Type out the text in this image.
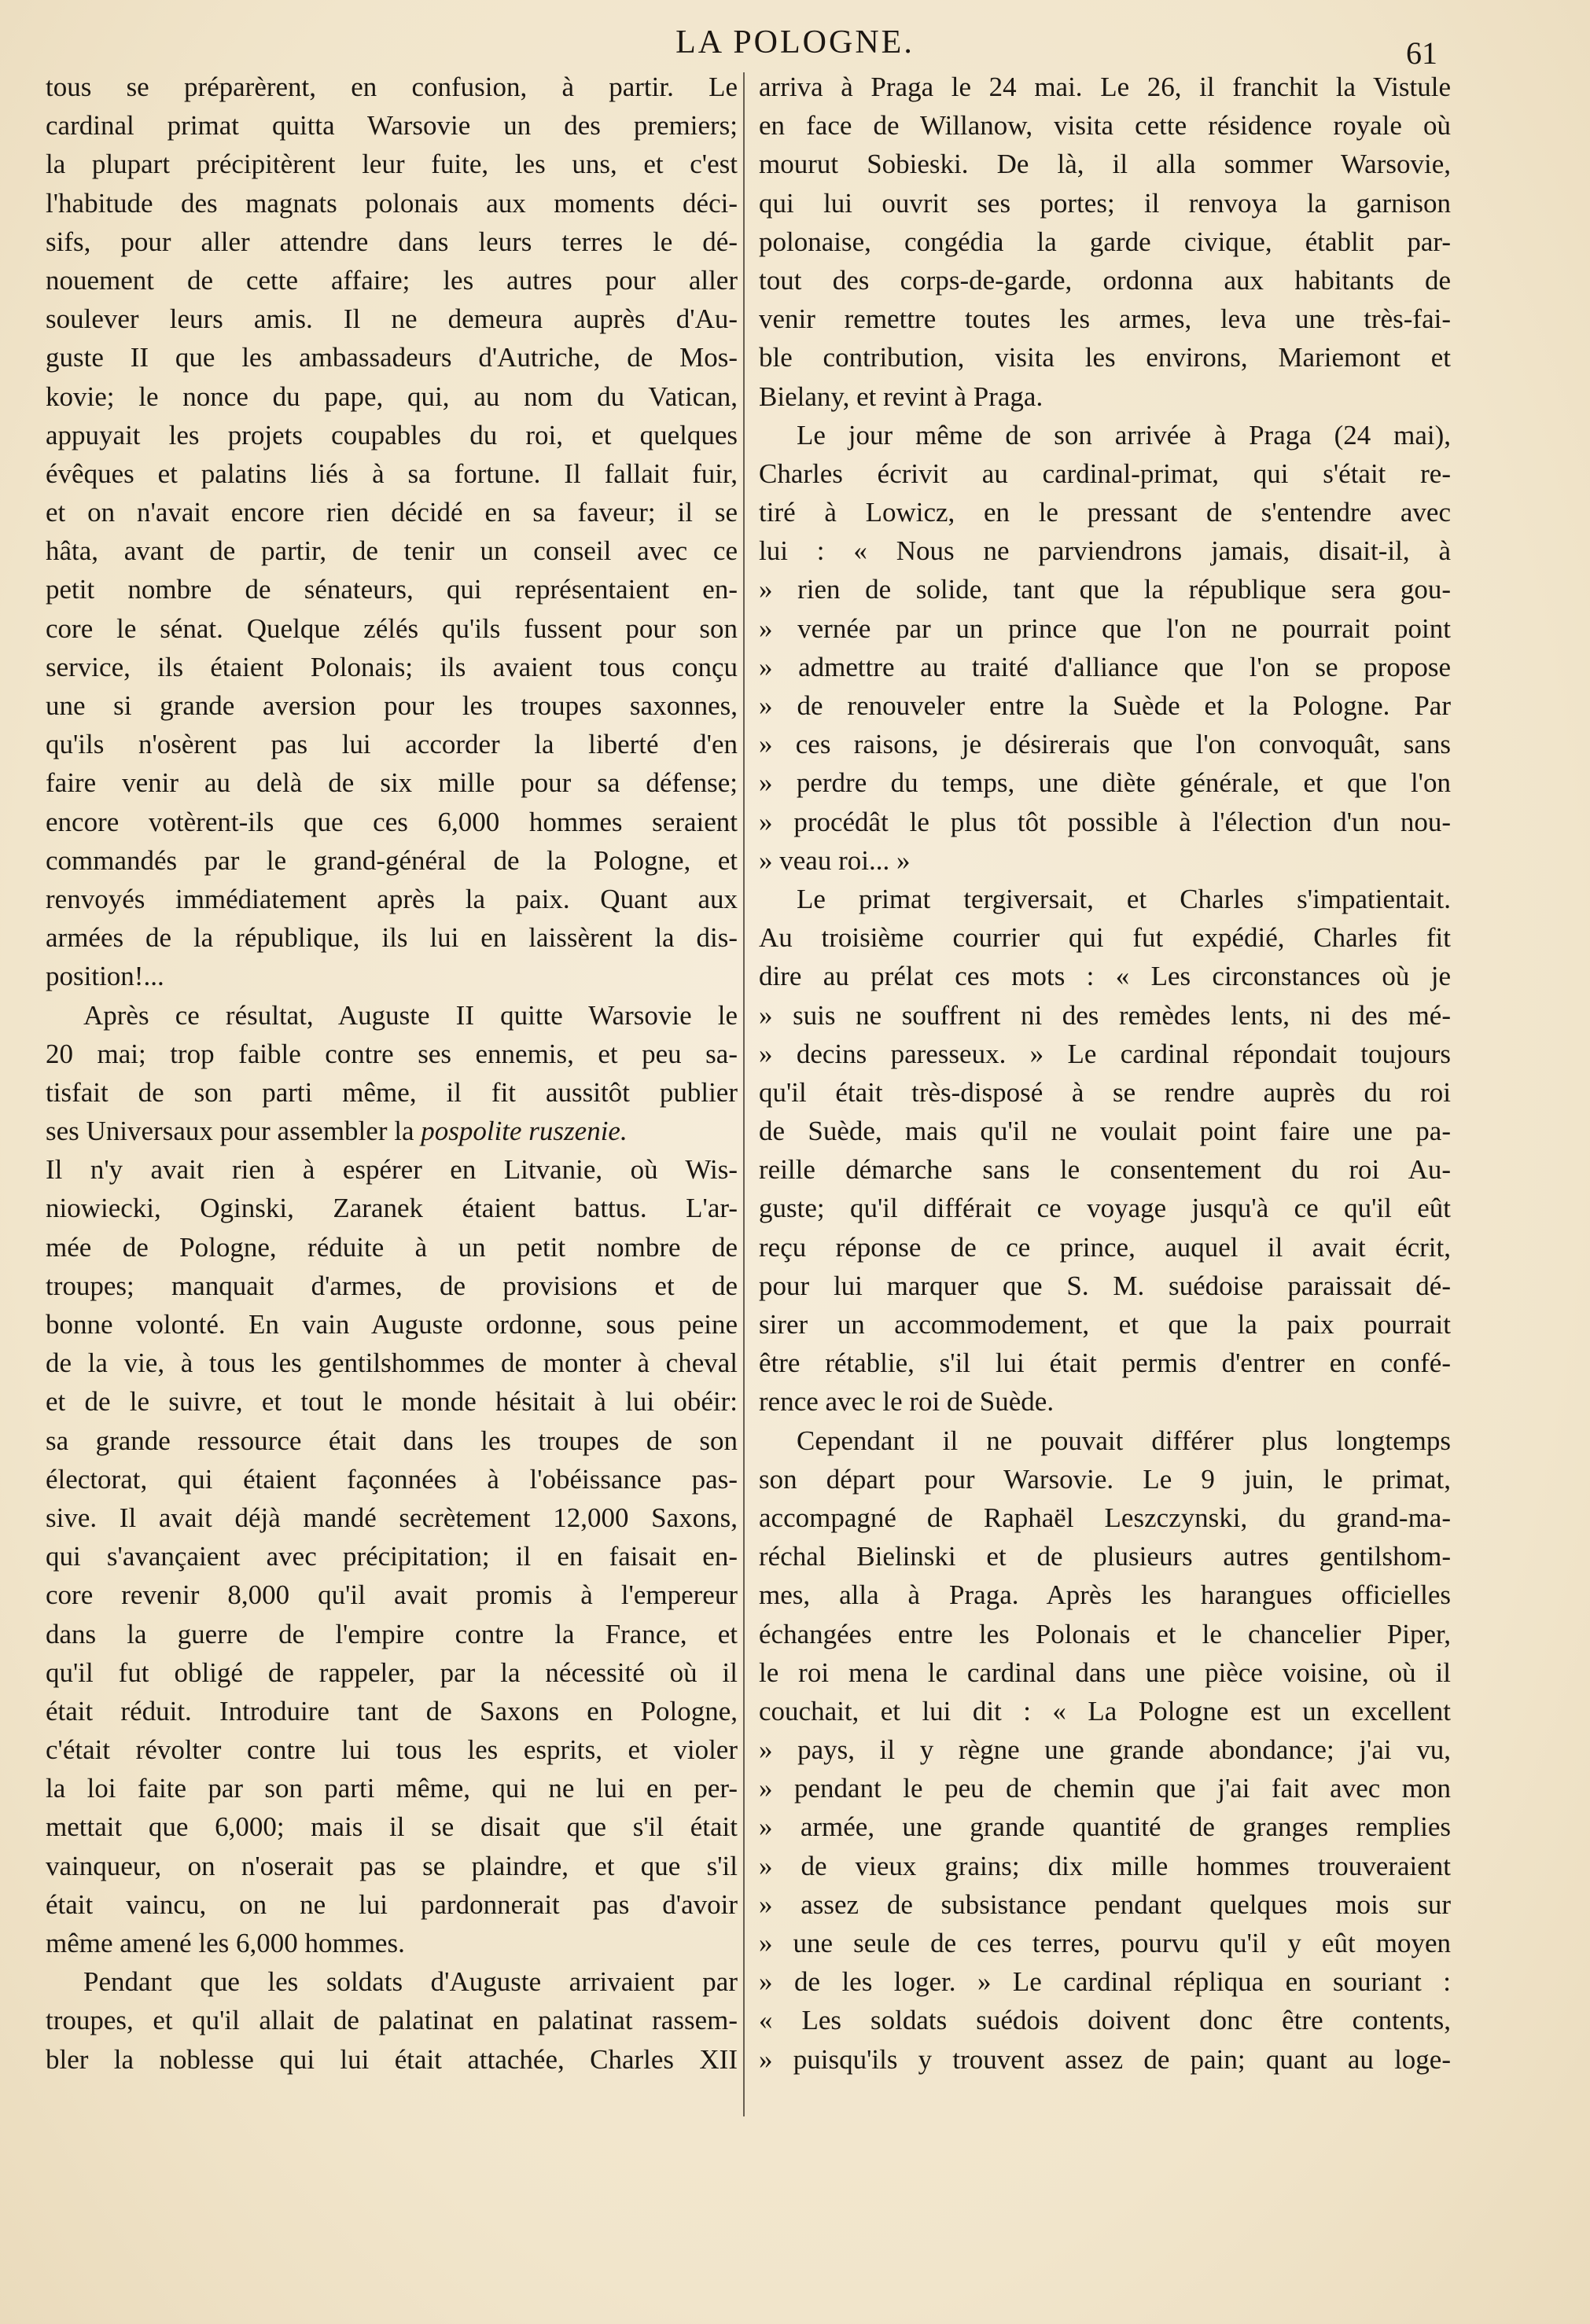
LA POLOGNE.	61
tous se préparèrent, en confusion, à partir. Le
cardinal primat quitta Warsovie un des premiers;
la plupart précipitèrent leur fuite, les uns, et c'est
l'habitude des magnats polonais aux moments déci-
sifs, pour aller attendre dans leurs terres le dé-
nouement de cette affaire; les autres pour aller
soulever leurs amis. Il ne demeura auprès d'Au-
guste II que les ambassadeurs d'Autriche, de Mos-
kovie; le nonce du pape, qui, au nom du Vatican,
appuyait les projets coupables du roi, et quelques
évêques et palatins liés à sa fortune. Il fallait fuir,
et on n'avait encore rien décidé en sa faveur; il se
hâta, avant de partir, de tenir un conseil avec ce
petit nombre de sénateurs, qui représentaient en-
core le sénat. Quelque zélés qu'ils fussent pour son
service, ils étaient Polonais; ils avaient tous conçu
une si grande aversion pour les troupes saxonnes,
qu'ils n'osèrent pas lui accorder la liberté d'en
faire venir au delà de six mille pour sa défense;
encore votèrent-ils que ces 6,000 hommes seraient
commandés par le grand-général de la Pologne, et
renvoyés immédiatement après la paix. Quant aux
armées de la république, ils lui en laissèrent la dis-
position!...
Après ce résultat, Auguste II quitte Warsovie le
20 mai; trop faible contre ses ennemis, et peu sa-
tisfait de son parti même, il fit aussitôt publier
ses Universaux pour assembler la pospolite ruszenie.
Il n'y avait rien à espérer en Litvanie, où Wis-
niowiecki, Oginski, Zaranek étaient battus. L'ar-
mée de Pologne, réduite à un petit nombre de
troupes; manquait d'armes, de provisions et de
bonne volonté. En vain Auguste ordonne, sous peine
de la vie, à tous les gentilshommes de monter à cheval
et de le suivre, et tout le monde hésitait à lui obéir:
sa grande ressource était dans les troupes de son
électorat, qui étaient façonnées à l'obéissance pas-
sive. Il avait déjà mandé secrètement 12,000 Saxons,
qui s'avançaient avec précipitation; il en faisait en-
core revenir 8,000 qu'il avait promis à l'empereur
dans la guerre de l'empire contre la France, et
qu'il fut obligé de rappeler, par la nécessité où il
était réduit. Introduire tant de Saxons en Pologne,
c'était révolter contre lui tous les esprits, et violer
la loi faite par son parti même, qui ne lui en per-
mettait que 6,000; mais il se disait que s'il était
vainqueur, on n'oserait pas se plaindre, et que s'il
était vaincu, on ne lui pardonnerait pas d'avoir
même amené les 6,000 hommes.
Pendant que les soldats d'Auguste arrivaient par
troupes, et qu'il allait de palatinat en palatinat rassem-
bler la noblesse qui lui était attachée, Charles XII
arriva à Praga le 24 mai. Le 26, il franchit la Vistule
en face de Willanow, visita cette résidence royale où
mourut Sobieski. De là, il alla sommer Warsovie,
qui lui ouvrit ses portes; il renvoya la garnison
polonaise, congédia la garde civique, établit par-
tout des corps-de-garde, ordonna aux habitants de
venir remettre toutes les armes, leva une très-fai-
ble contribution, visita les environs, Mariemont et
Bielany, et revint à Praga.
Le jour même de son arrivée à Praga (24 mai),
Charles écrivit au cardinal-primat, qui s'était re-
tiré à Lowicz, en le pressant de s'entendre avec
lui : « Nous ne parviendrons jamais, disait-il, à
» rien de solide, tant que la république sera gou-
» vernée par un prince que l'on ne pourrait point
» admettre au traité d'alliance que l'on se propose
» de renouveler entre la Suède et la Pologne. Par
» ces raisons, je désirerais que l'on convoquât, sans
» perdre du temps, une diète générale, et que l'on
» procédât le plus tôt possible à l'élection d'un nou-
» veau roi... »
Le primat tergiversait, et Charles s'impatientait.
Au troisième courrier qui fut expédié, Charles fit
dire au prélat ces mots : « Les circonstances où je
» suis ne souffrent ni des remèdes lents, ni des mé-
» decins paresseux. » Le cardinal répondait toujours
qu'il était très-disposé à se rendre auprès du roi
de Suède, mais qu'il ne voulait point faire une pa-
reille démarche sans le consentement du roi Au-
guste; qu'il différait ce voyage jusqu'à ce qu'il eût
reçu réponse de ce prince, auquel il avait écrit,
pour lui marquer que S. M. suédoise paraissait dé-
sirer un accommodement, et que la paix pourrait
être rétablie, s'il lui était permis d'entrer en confé-
rence avec le roi de Suède.
Cependant il ne pouvait différer plus longtemps
son départ pour Warsovie. Le 9 juin, le primat,
accompagné de Raphaël Leszczynski, du grand-ma-
réchal Bielinski et de plusieurs autres gentilshom-
mes, alla à Praga. Après les harangues officielles
échangées entre les Polonais et le chancelier Piper,
le roi mena le cardinal dans une pièce voisine, où il
couchait, et lui dit : « La Pologne est un excellent
» pays, il y règne une grande abondance; j'ai vu,
» pendant le peu de chemin que j'ai fait avec mon
» armée, une grande quantité de granges remplies
» de vieux grains; dix mille hommes trouveraient
» assez de subsistance pendant quelques mois sur
» une seule de ces terres, pourvu qu'il y eût moyen
» de les loger. » Le cardinal répliqua en souriant :
« Les soldats suédois doivent donc être contents,
» puisqu'ils y trouvent assez de pain; quant au loge-
